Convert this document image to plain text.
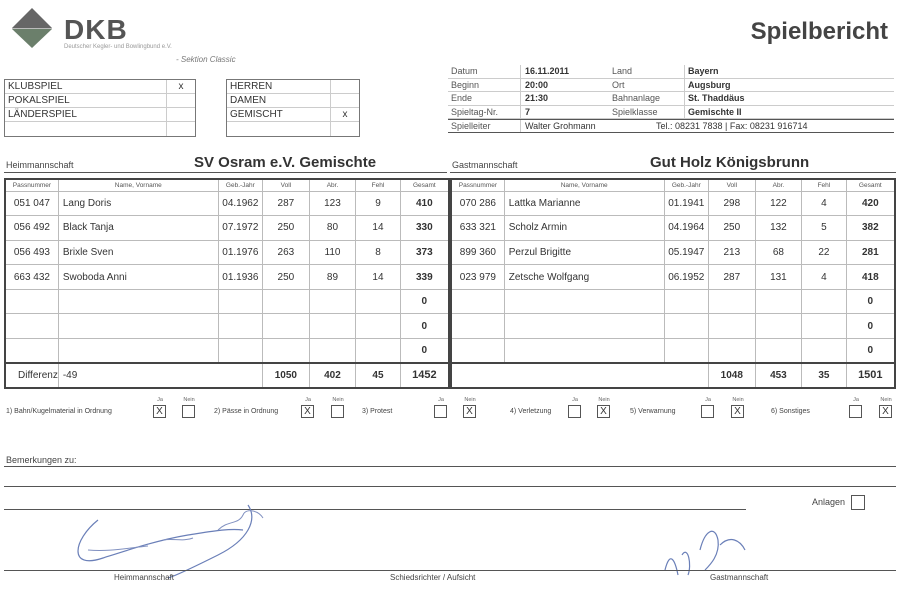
DKB
Deutscher Kegler- und Bowlingbund e.V.
- Sektion Classic
Spielbericht
KLUBSPIEL	x
POKALSPIEL
LÄNDERSPIEL
HERREN
DAMEN
GEMISCHT	x
Datum	16.11.2011	Land	Bayern
Beginn	20:00	Ort	Augsburg
Ende	21:30	Bahnanlage	St. Thaddäus
Spieltag-Nr.	7	Spielklasse	Gemischte II
Spielleiter	Walter Grohmann	Tel.: 08231 7838 | Fax: 08231 916714
Heimmannschaft	SV Osram e.V. Gemischte	Gastmannschaft	Gut Holz Königsbrunn
Passnummer	Name, Vorname	Geb.-Jahr	Voll	Abr.	Fehl	Gesamt
051 047	Lang Doris	04.1962	287	123	9	410
056 492	Black Tanja	07.1972	250	80	14	330
056 493	Brixle Sven	01.1976	263	110	8	373
663 432	Swoboda Anni	01.1936	250	89	14	339
						0
						0
						0
Differenz	-49		1050	402	45	1452
Passnummer	Name, Vorname	Geb.-Jahr	Voll	Abr.	Fehl	Gesamt
070 286	Lattka Marianne	01.1941	298	122	4	420
633 321	Scholz Armin	04.1964	250	132	5	382
899 360	Perzul Brigitte	05.1947	213	68	22	281
023 979	Zetsche Wolfgang	06.1952	287	131	4	418
						0
						0
						0
			1048	453	35	1501
1) Bahn/Kugelmaterial in Ordnung
Ja
X
Nein
2) Pässe in Ordnung
Ja
X
Nein
3) Protest
Ja	Nein
X	4) Verletzung
Ja	Nein
X	5) Verwarnung
Ja	Nein
X	6) Sonstiges
Ja	Nein
X
Bemerkungen zu:
Anlagen
Heimmannschaft	Schiedsrichter / Aufsicht	Gastmannschaft
